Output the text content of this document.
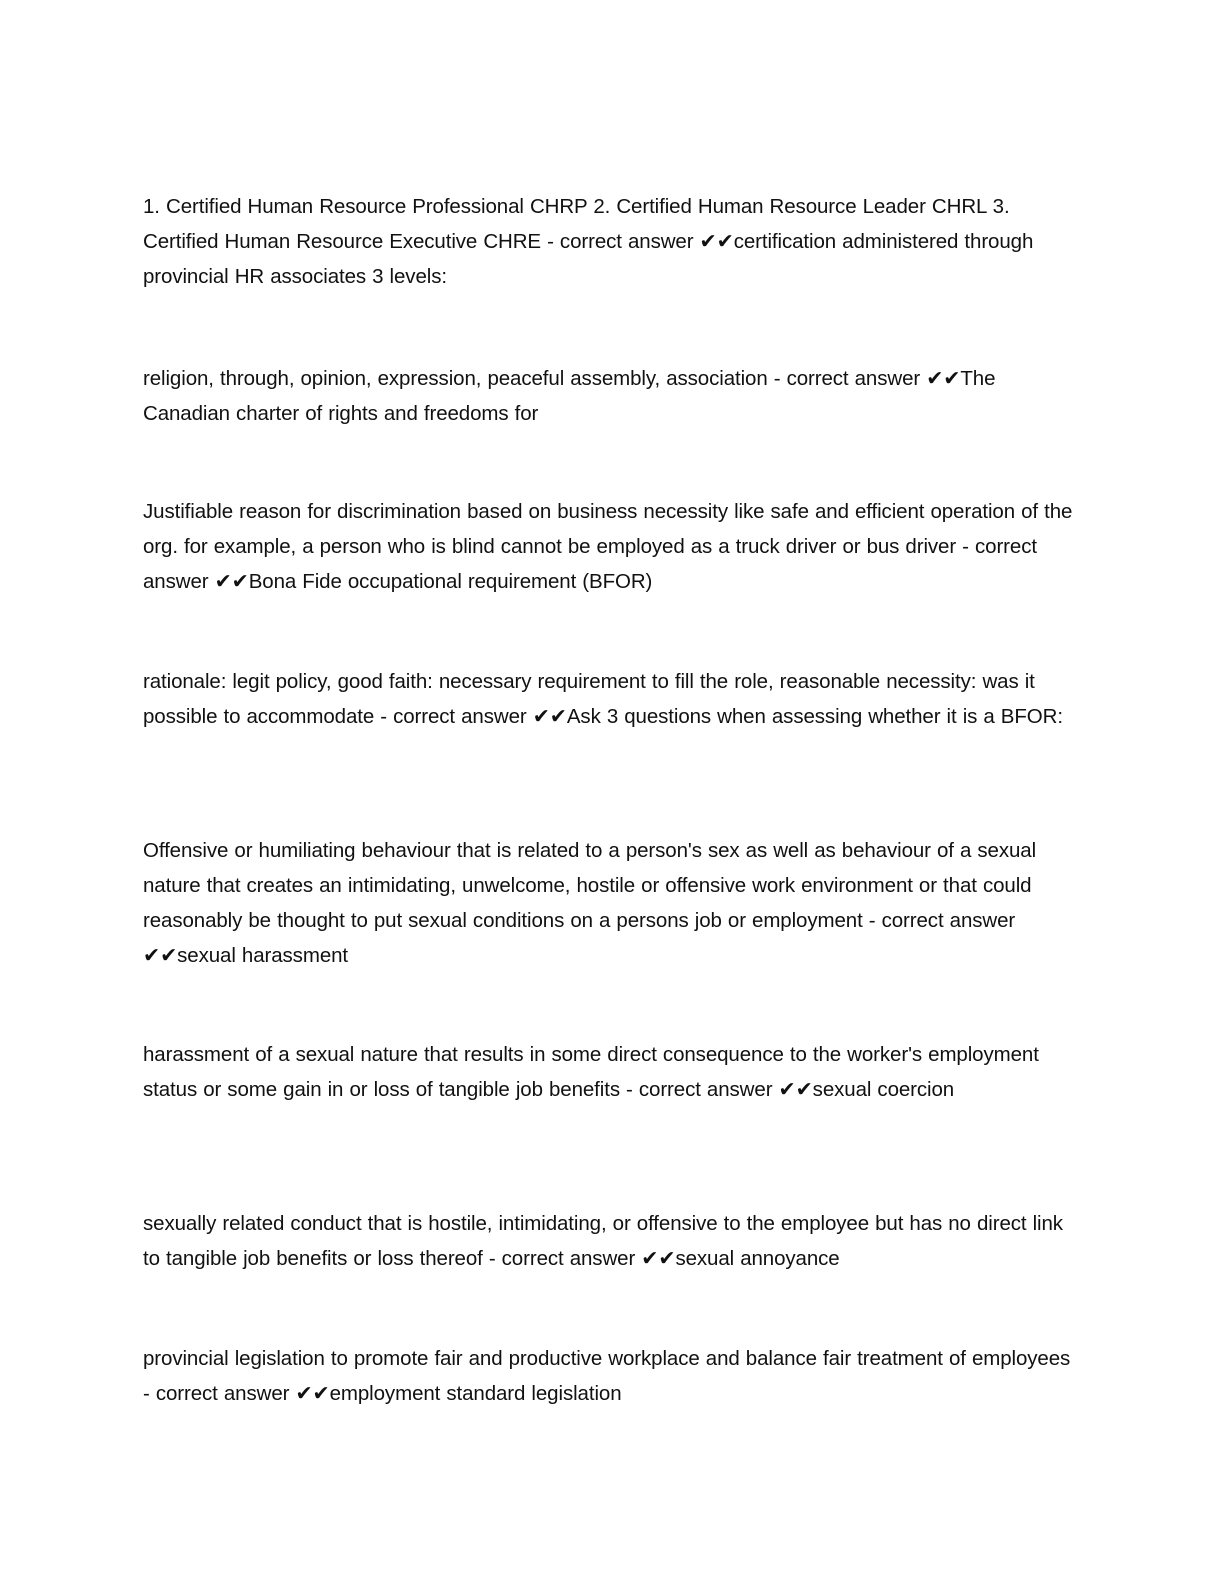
1. Certified Human Resource Professional CHRP 2. Certified Human Resource Leader CHRL 3. Certified Human Resource Executive CHRE - correct answer ✔✔certification administered through provincial HR associates 3 levels:

religion, through, opinion, expression, peaceful assembly, association - correct answer ✔✔The Canadian charter of rights and freedoms for

Justifiable reason for discrimination based on business necessity like safe and efficient operation of the org. for example, a person who is blind cannot be employed as a truck driver or bus driver - correct answer ✔✔Bona Fide occupational requirement (BFOR)

rationale: legit policy, good faith: necessary requirement to fill the role, reasonable necessity: was it possible to accommodate - correct answer ✔✔Ask 3 questions when assessing whether it is a BFOR:

Offensive or humiliating behaviour that is related to a person's sex as well as behaviour of a sexual nature that creates an intimidating, unwelcome, hostile or offensive work environment or that could reasonably be thought to put sexual conditions on a persons job or employment - correct answer ✔✔sexual harassment

harassment of a sexual nature that results in some direct consequence to the worker's employment status or some gain in or loss of tangible job benefits - correct answer ✔✔sexual coercion

sexually related conduct that is hostile, intimidating, or offensive to the employee but has no direct link to tangible job benefits or loss thereof - correct answer ✔✔sexual annoyance

provincial legislation to promote fair and productive workplace and balance fair treatment of employees - correct answer ✔✔employment standard legislation
